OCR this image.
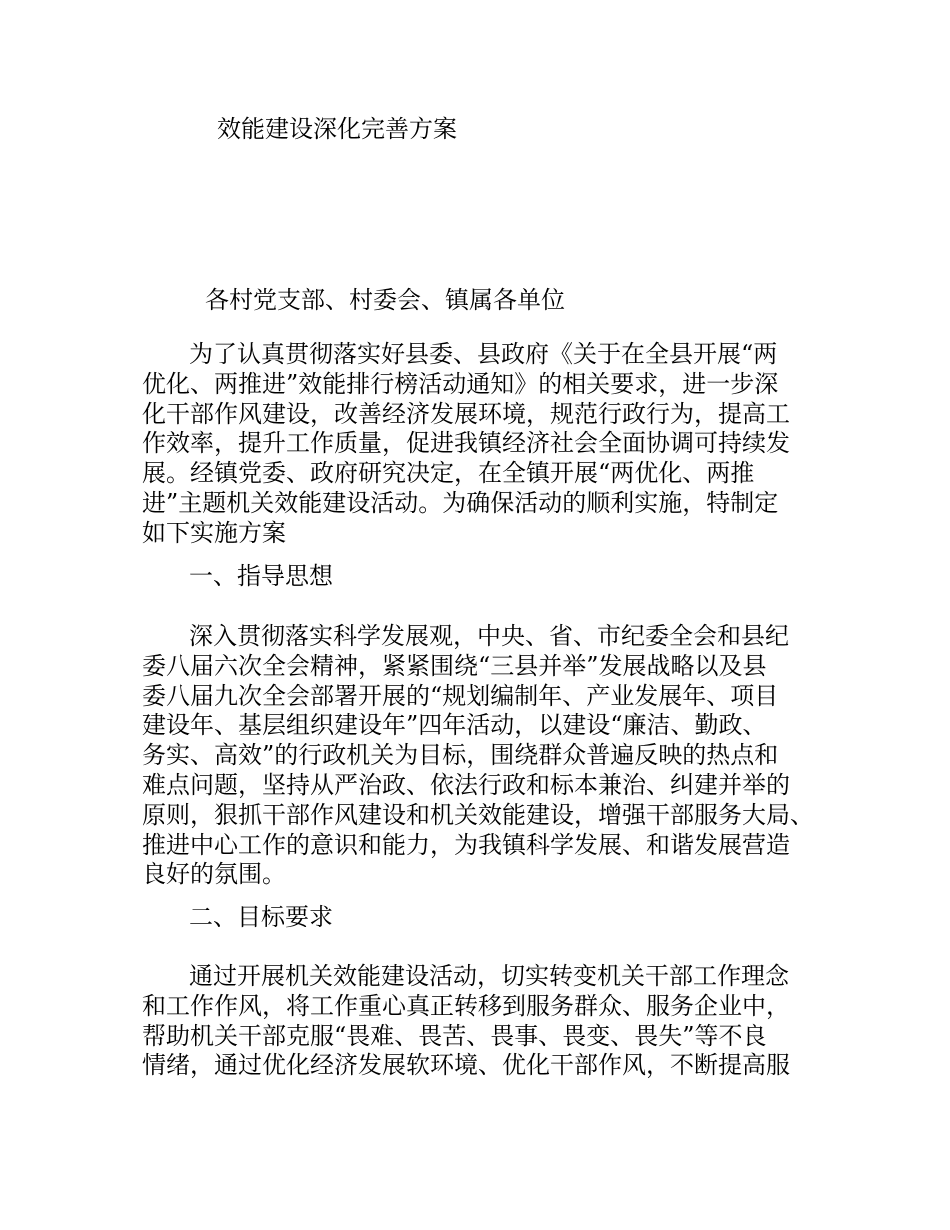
效能建设深化完善方案

各村党支部、村委会、镇属各单位

为了认真贯彻落实好县委、县政府《关于在全县开展“两
优化、两推进”效能排行榜活动通知》的相关要求，进一步深
化干部作风建设，改善经济发展环境，规范行政行为，提高工
作效率，提升工作质量，促进我镇经济社会全面协调可持续发
展。经镇党委、政府研究决定，在全镇开展“两优化、两推
进”主题机关效能建设活动。为确保活动的顺利实施，特制定
如下实施方案

一、指导思想

深入贯彻落实科学发展观，中央、省、市纪委全会和县纪
委八届六次全会精神，紧紧围绕“三县并举”发展战略以及县
委八届九次全会部署开展的“规划编制年、产业发展年、项目
建设年、基层组织建设年”四年活动，以建设“廉洁、勤政、
务实、高效”的行政机关为目标，围绕群众普遍反映的热点和
难点问题，坚持从严治政、依法行政和标本兼治、纠建并举的
原则，狠抓干部作风建设和机关效能建设，增强干部服务大局、
推进中心工作的意识和能力，为我镇科学发展、和谐发展营造
良好的氛围。

二、目标要求

通过开展机关效能建设活动，切实转变机关干部工作理念
和工作作风，将工作重心真正转移到服务群众、服务企业中，
帮助机关干部克服“畏难、畏苦、畏事、畏变、畏失”等不良
情绪，通过优化经济发展软环境、优化干部作风，不断提高服
